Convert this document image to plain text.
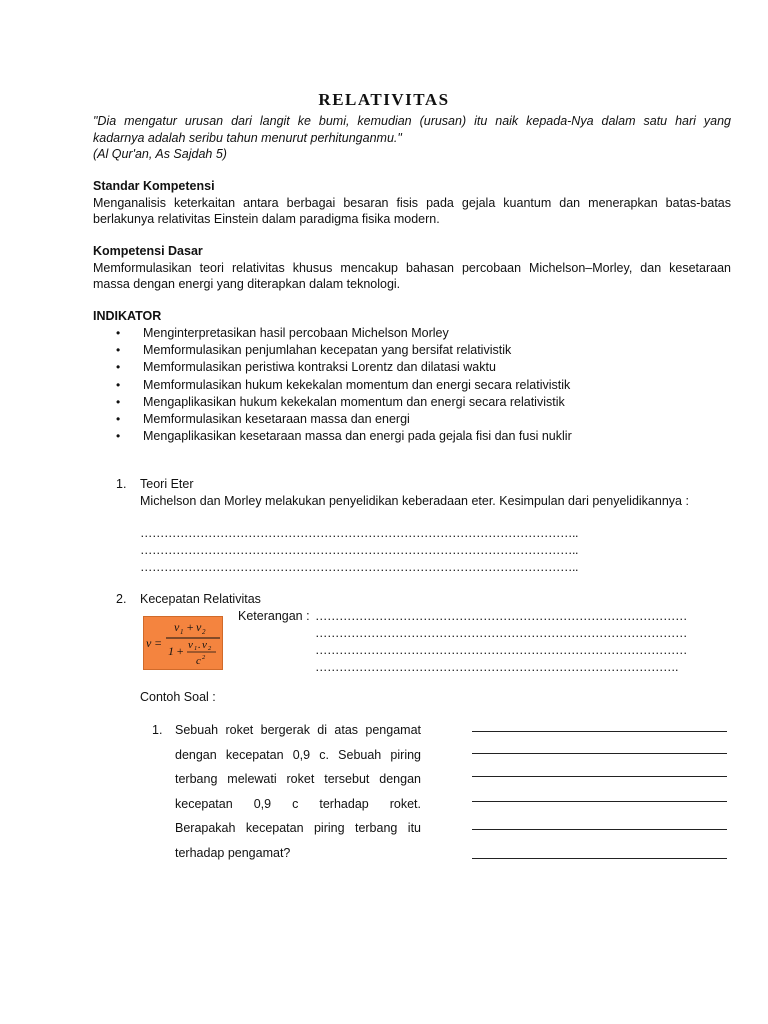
RELATIVITAS

"Dia mengatur urusan dari langit ke bumi, kemudian (urusan) itu naik kepada-Nya dalam satu hari yang

kadarnya adalah seribu tahun menurut perhitunganmu."

(Al Qur'an, As Sajdah 5)

Standar Kompetensi

Menganalisis keterkaitan antara berbagai besaran fisis pada gejala kuantum dan menerapkan batas-batas

berlakunya relativitas Einstein dalam paradigma fisika modern.

Kompetensi Dasar

Memformulasikan teori relativitas khusus mencakup bahasan percobaan Michelson–Morley, dan kesetaraan

massa dengan energi yang diterapkan dalam teknologi.

INDIKATOR

• Menginterpretasikan hasil percobaan Michelson Morley
• Memformulasikan penjumlahan kecepatan yang bersifat relativistik
• Memformulasikan peristiwa kontraksi Lorentz dan dilatasi waktu
• Memformulasikan hukum kekekalan momentum dan energi secara relativistik
• Mengaplikasikan hukum kekekalan momentum dan energi secara relativistik
• Memformulasikan kesetaraan massa dan energi
• Mengaplikasikan kesetaraan massa dan energi pada gejala fisi dan fusi nuklir
1. Teori Eter
Michelson dan Morley melakukan penyelidikan keberadaan eter. Kesimpulan dari penyelidikannya :
………………………………………………………………………………………………..
………………………………………………………………………………………………..
………………………………………………………………………………………………..
2. Kecepatan Relativitas
v =
v 1 + v 2
1 + v 1 . v 2
c 2
Keterangan : …………………………………………………………………………………
…………………………………………………………………………………
…………………………………………………………………………………
……………………………………………………………………………….
Contoh Soal :
1. Sebuah roket bergerak di atas pengamat
dengan kecepatan 0,9 c. Sebuah piring
terbang melewati roket tersebut dengan
kecepatan 0,9 c terhadap roket.
Berapakah kecepatan piring terbang itu
terhadap pengamat?
